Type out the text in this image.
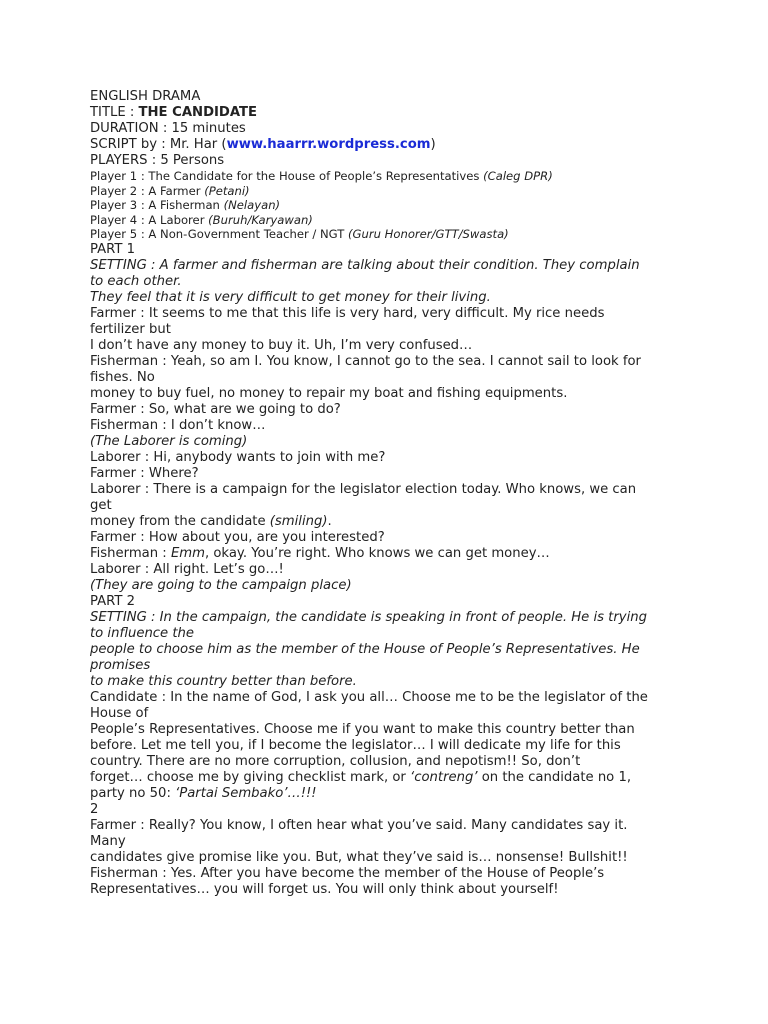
ENGLISH DRAMA
TITLE : THE CANDIDATE
DURATION : 15 minutes
SCRIPT by : Mr. Har (www.haarrr.wordpress.com)
PLAYERS : 5 Persons
Player 1 : The Candidate for the House of People’s Representatives (Caleg DPR)
Player 2 : A Farmer (Petani)
Player 3 : A Fisherman (Nelayan)
Player 4 : A Laborer (Buruh/Karyawan)
Player 5 : A Non-Government Teacher / NGT (Guru Honorer/GTT/Swasta)
PART 1
SETTING : A farmer and fisherman are talking about their condition. They complain
to each other.
They feel that it is very difficult to get money for their living.
Farmer : It seems to me that this life is very hard, very difficult. My rice needs
fertilizer but
I don’t have any money to buy it. Uh, I’m very confused…
Fisherman : Yeah, so am I. You know, I cannot go to the sea. I cannot sail to look for
fishes. No
money to buy fuel, no money to repair my boat and fishing equipments.
Farmer : So, what are we going to do?
Fisherman : I don’t know…
(The Laborer is coming)
Laborer : Hi, anybody wants to join with me?
Farmer : Where?
Laborer : There is a campaign for the legislator election today. Who knows, we can
get
money from the candidate (smiling).
Farmer : How about you, are you interested?
Fisherman : Emm, okay. You’re right. Who knows we can get money…
Laborer : All right. Let’s go…!
(They are going to the campaign place)
PART 2
SETTING : In the campaign, the candidate is speaking in front of people. He is trying
to influence the
people to choose him as the member of the House of People’s Representatives. He
promises
to make this country better than before.
Candidate : In the name of God, I ask you all… Choose me to be the legislator of the
House of
People’s Representatives. Choose me if you want to make this country better than
before. Let me tell you, if I become the legislator… I will dedicate my life for this
country. There are no more corruption, collusion, and nepotism!! So, don’t
forget… choose me by giving checklist mark, or ‘contreng’ on the candidate no 1,
party no 50: ‘Partai Sembako’…!!!
2
Farmer : Really? You know, I often hear what you’ve said. Many candidates say it.
Many
candidates give promise like you. But, what they’ve said is… nonsense! Bullshit!!
Fisherman : Yes. After you have become the member of the House of People’s
Representatives… you will forget us. You will only think about yourself!
